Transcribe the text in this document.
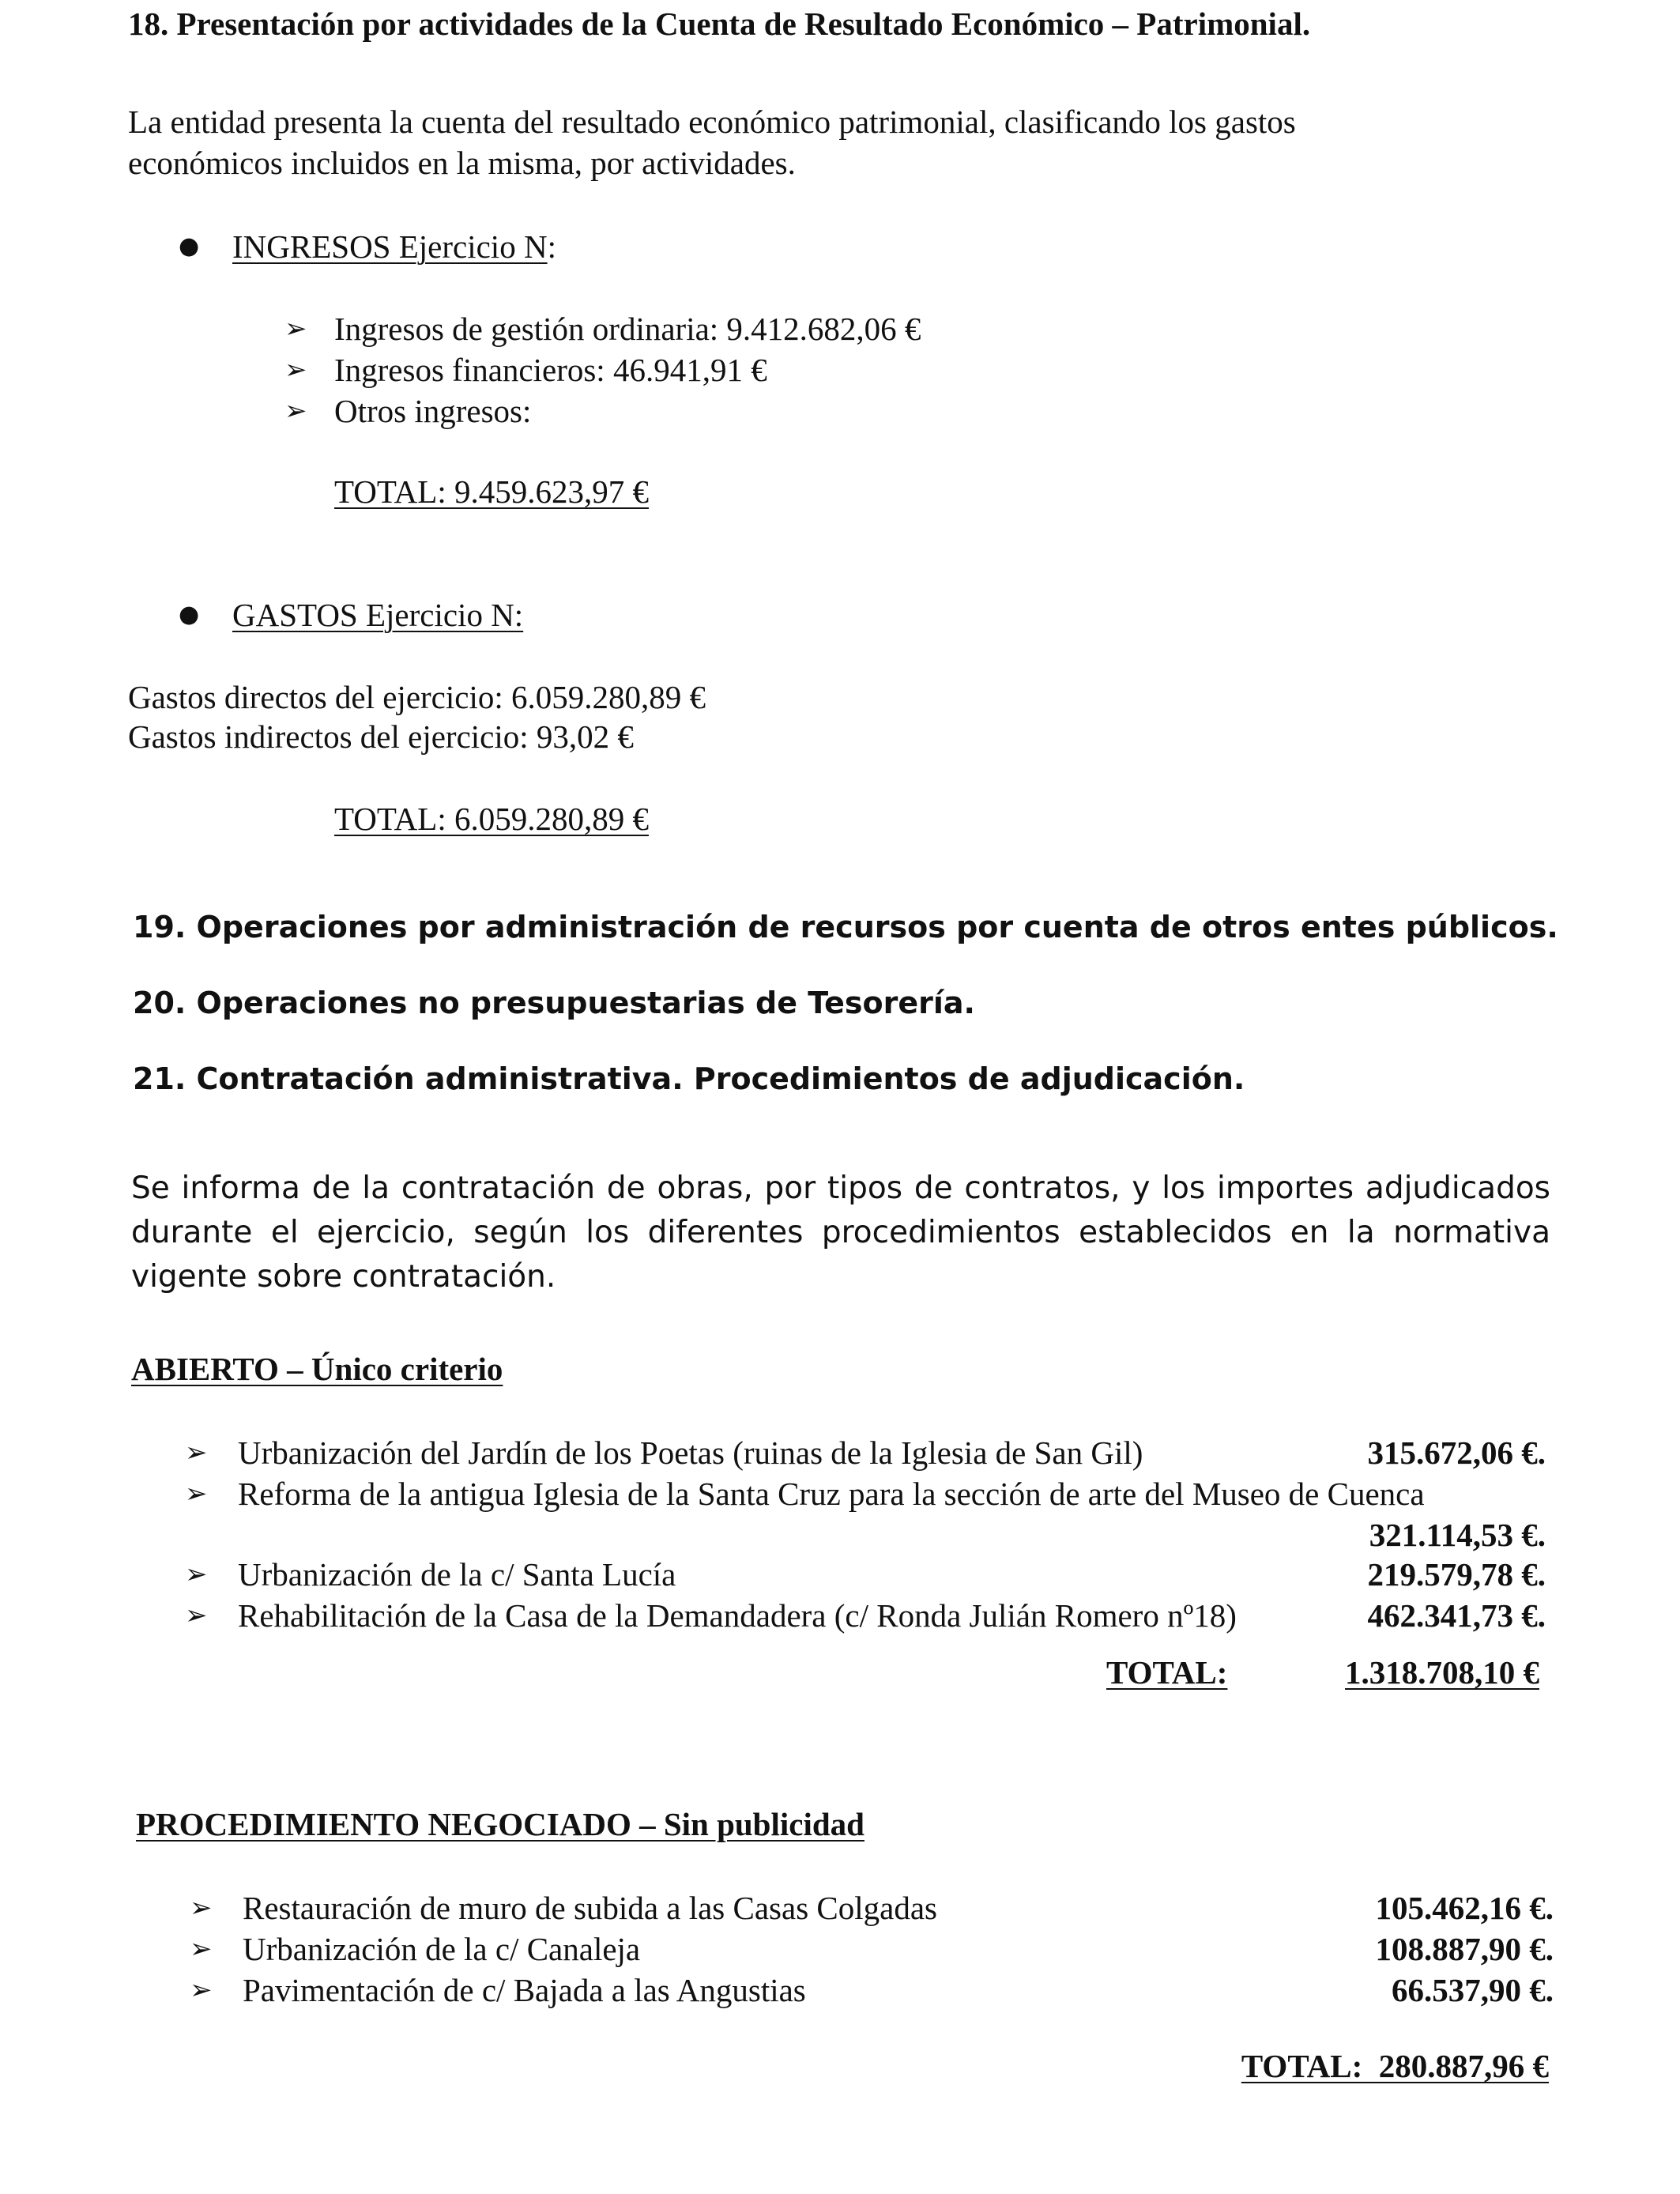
18. Presentación por actividades de la Cuenta de Resultado Económico – Patrimonial.
La entidad presenta la cuenta del resultado económico patrimonial, clasificando los gastos
económicos incluidos en la misma, por actividades.
● INGRESOS Ejercicio N:
➢ Ingresos de gestión ordinaria: 9.412.682,06 €
➢ Ingresos financieros: 46.941,91 €
➢ Otros ingresos:
TOTAL: 9.459.623,97 €
● GASTOS Ejercicio N:
Gastos directos del ejercicio: 6.059.280,89 €
Gastos indirectos del ejercicio: 93,02 €
TOTAL: 6.059.280,89 €
19. Operaciones por administración de recursos por cuenta de otros entes públicos.
20. Operaciones no presupuestarias de Tesorería.
21. Contratación administrativa. Procedimientos de adjudicación.
Se informa de la contratación de obras, por tipos de contratos, y los importes adjudicados
durante el ejercicio, según los diferentes procedimientos establecidos en la normativa
vigente sobre contratación.
ABIERTO – Único criterio
➢ Urbanización del Jardín de los Poetas (ruinas de la Iglesia de San Gil)	315.672,06 €.
➢ Reforma de la antigua Iglesia de la Santa Cruz para la sección de arte del Museo de Cuenca
321.114,53 €.
➢ Urbanización de la c/ Santa Lucía	219.579,78 €.
➢ Rehabilitación de la Casa de la Demandadera (c/ Ronda Julián Romero nº18)	462.341,73 €.
TOTAL:	1.318.708,10 €
PROCEDIMIENTO NEGOCIADO – Sin publicidad
➢ Restauración de muro de subida a las Casas Colgadas	105.462,16 €.
➢ Urbanización de la c/ Canaleja	108.887,90 €.
➢ Pavimentación de c/ Bajada a las Angustias	66.537,90 €.
TOTAL:  280.887,96 €
